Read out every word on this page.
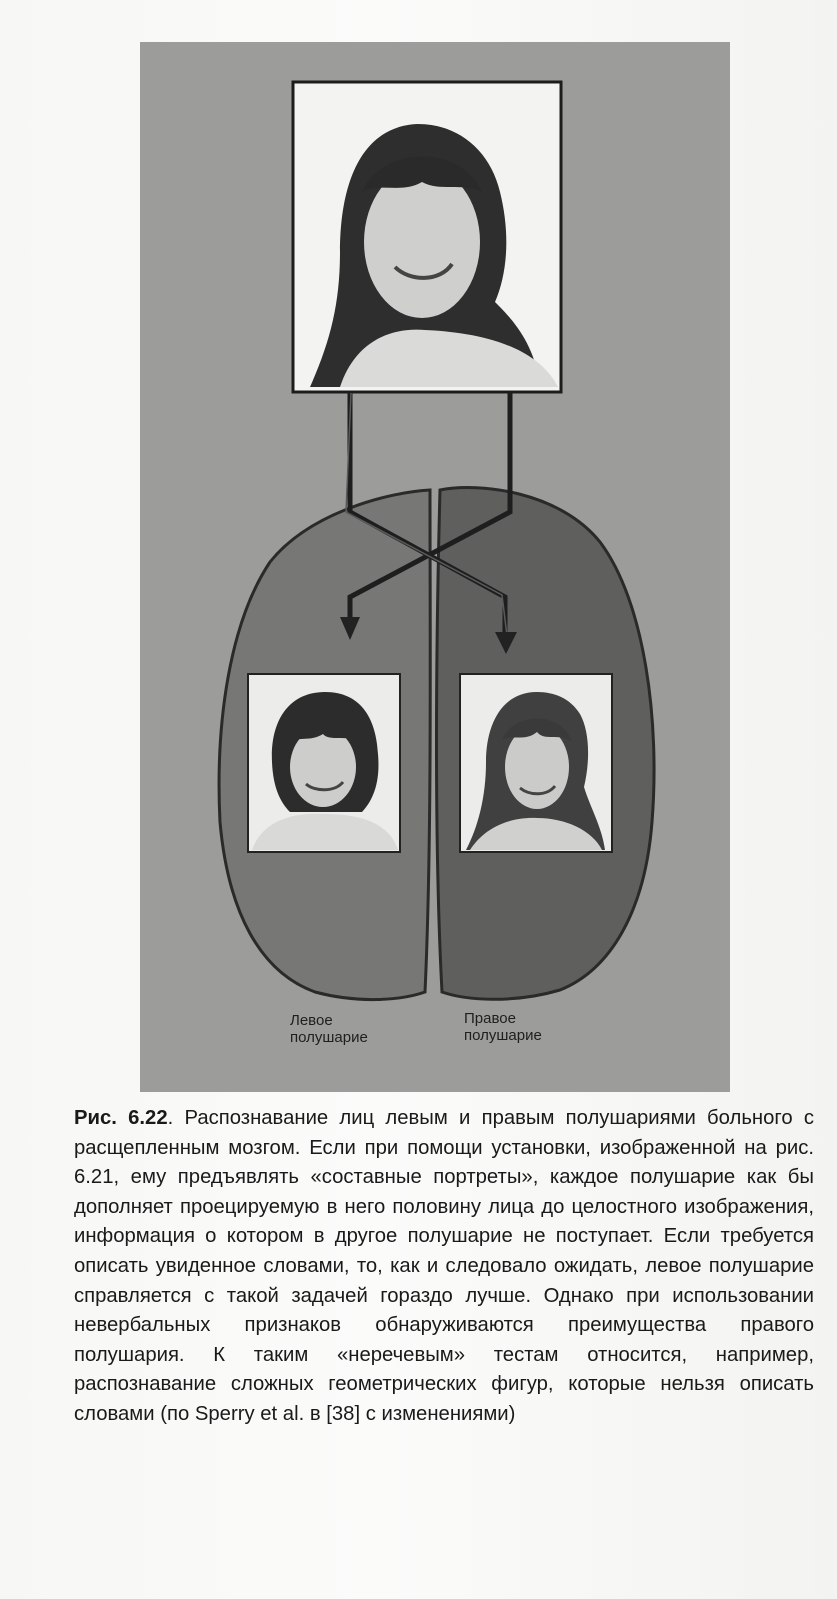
Левое
полушарие
Правое
полушарие

Рис. 6.22. Распознавание лиц левым и правым полушариями больного с расщепленным мозгом. Если при помощи установки, изображенной на рис. 6.21, ему предъявлять «составные портреты», каждое полушарие как бы дополняет проецируемую в него половину лица до целостного изображения, информация о котором в другое полушарие не поступает. Если требуется описать увиденное словами, то, как и следовало ожидать, левое полушарие справляется с такой задачей гораздо лучше. Однако при использовании невербальных признаков обнаруживаются преимущества правого полушария. К таким «неречевым» тестам относится, например, распознавание сложных геометрических фигур, которые нельзя описать словами (по Sperry et al. в [38] с изменениями)
